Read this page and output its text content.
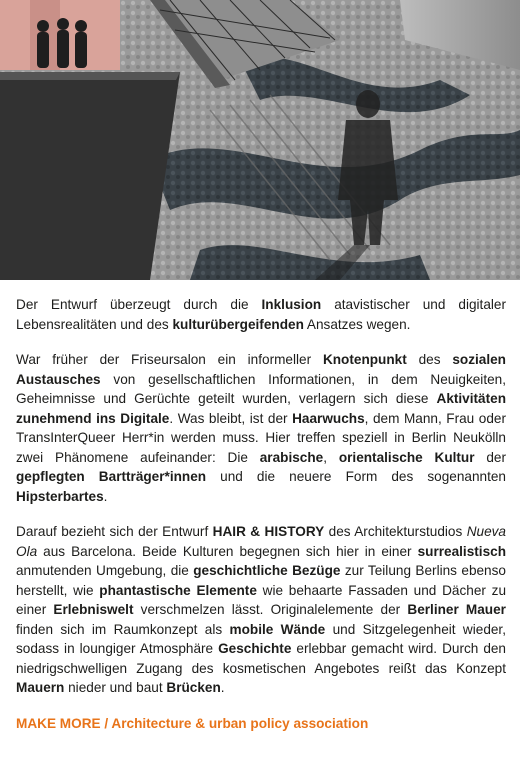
Der Entwurf überzeugt durch die Inklusion atavistischer und digitaler Lebensrealitäten und des kulturübergeifenden Ansatzes wegen.

War früher der Friseursalon ein informeller Knotenpunkt des sozialen Austausches von gesellschaftlichen Informationen, in dem Neuigkeiten, Geheimnisse und Gerüchte geteilt wurden, verlagern sich diese Aktivitäten zunehmend ins Digitale. Was bleibt, ist der Haarwuchs, dem Mann, Frau oder TransInterQueer Herr*in werden muss. Hier treffen speziell in Berlin Neukölln zwei Phänomene aufeinander: Die arabische, orientalische Kultur der gepflegten Bartträger*innen und die neuere Form des sogenannten Hipsterbartes.

Darauf bezieht sich der Entwurf HAIR & HISTORY des Architekturstudios Nueva Ola aus Barcelona. Beide Kulturen begegnen sich hier in einer surrealistisch anmutenden Umgebung, die geschichtliche Bezüge zur Teilung Berlins ebenso herstellt, wie phantastische Elemente wie behaarte Fassaden und Dächer zu einer Erlebniswelt verschmelzen lässt. Originalelemente der Berliner Mauer finden sich im Raumkonzept als mobile Wände und Sitzgelegenheit wieder, sodass in loungiger Atmosphäre Geschichte erlebbar gemacht wird. Durch den niedrigschwelligen Zugang des kosmetischen Angebotes reißt das Konzept Mauern nieder und baut Brücken.

MAKE MORE / Architecture & urban policy association
